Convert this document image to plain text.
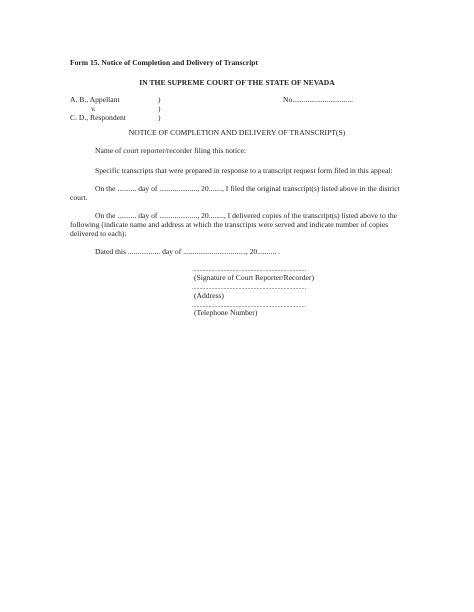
Form 15. Notice of Completion and Delivery of Transcript
IN THE SUPREME COURT OF THE STATE OF NEVADA
A. B., Appellant	)	No................................
v.	)
C. D., Respondent	)
NOTICE OF COMPLETION AND DELIVERY OF TRANSCRIPT(S)
Name of court reporter/recorder filing this notice:
Specific transcripts that were prepared in response to a transcript request form filed in this appeal:
On the .......... day of ...................., 20......., I filed the original transcript(s) listed above in the district court.
On the .......... day of ...................., 20........, I delivered copies of the transcript(s) listed above to the following (indicate name and address at which the transcripts were served and indicate number of copies delivered to each):
Dated this ................. day of ................................., 20.......... .
............................................................................
(Signature of Court Reporter/Recorder)
............................................................................
(Address)
............................................................................
(Telephone Number)
